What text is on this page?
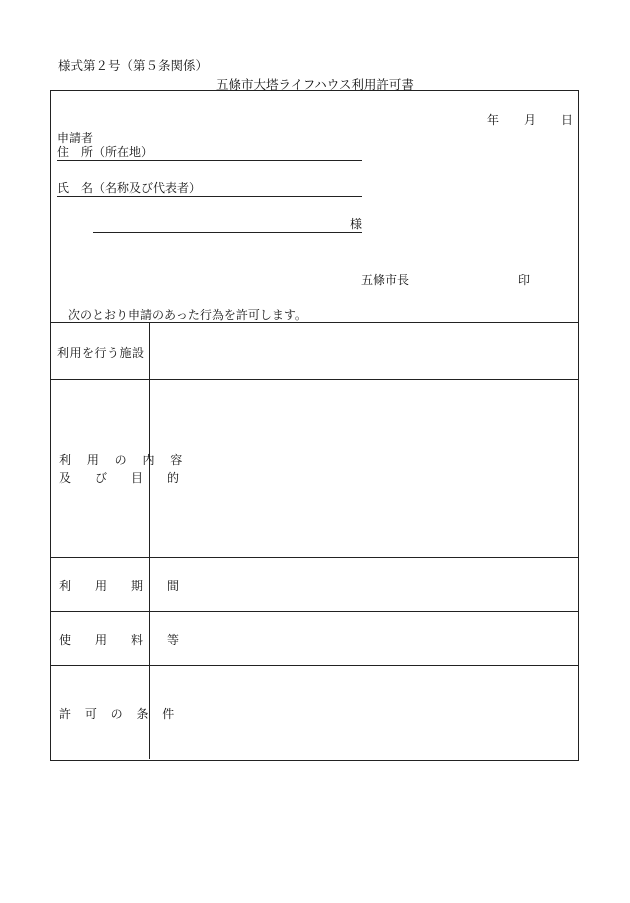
様式第２号（第５条関係）
五條市大塔ライフハウス利用許可書
年 月 日
申請者
住　所（所在地）
氏　名（名称及び代表者）
様
五條市長	印
次のとおり申請のあった行為を許可します。
利用を行う施設
利 用 の 内 容
及　び　目　的
利　用　期　間
使　用　料　等
許 可 の 条 件
